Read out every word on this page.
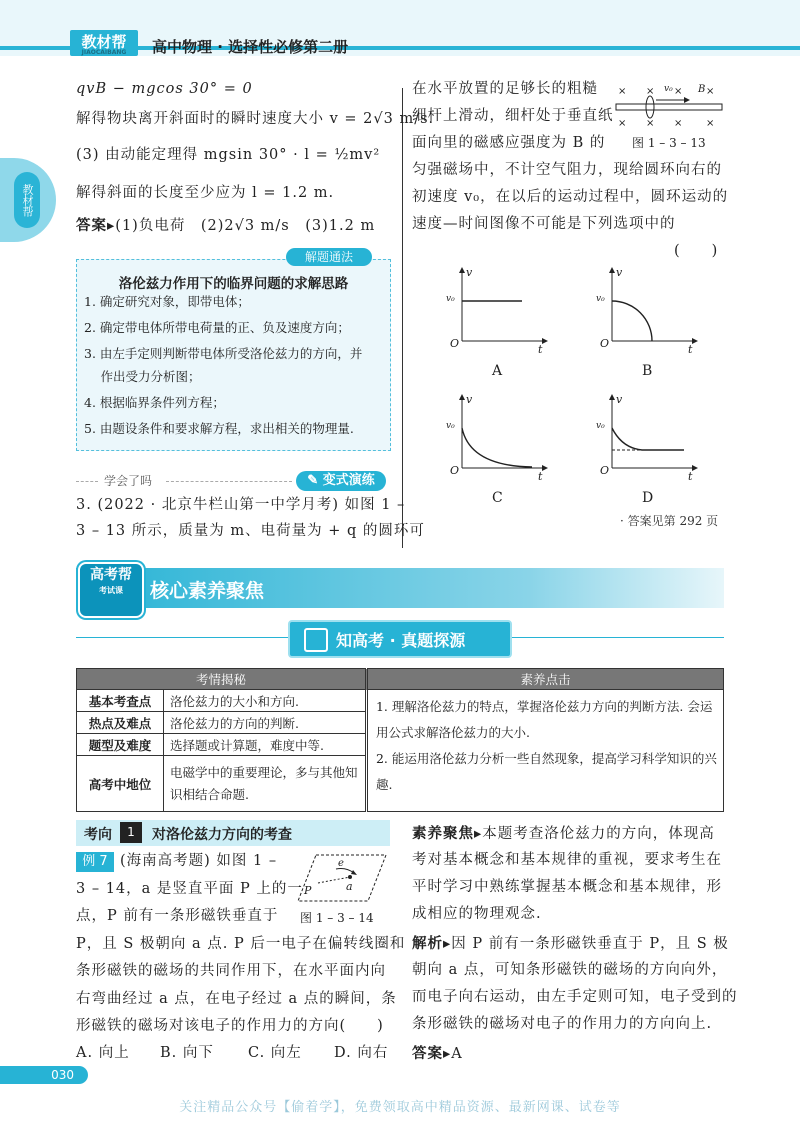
教材帮
JIAOCAIBANG	高中物理 · 选择性必修第二册
教材帮

qvB − mgcos 30° = 0

解得物块离开斜面时的瞬时速度大小 v = 2√3 m/s.

(3) 由动能定理得 mgsin 30° · l = ½mv²

解得斜面的长度至少应为 l = 1.2 m.

答案▸(1)负电荷　(2)2√3 m/s　(3)1.2 m

解题通法
洛伦兹力作用下的临界问题的求解思路
1. 确定研究对象，即带电体；
2. 确定带电体所带电荷量的正、负及速度方向；
3. 由左手定则判断带电体所受洛伦兹力的方向，并
　 作出受力分析图；
4. 根据临界条件列方程；
5. 由题设条件和要求解方程，求出相关的物理量.
学会了吗	✎ 变式演练

3. (2022 · 北京牛栏山第一中学月考) 如图 1 –

3 – 13 所示，质量为 m、电荷量为 + q 的圆环可

在水平放置的足够长的粗糙

细杆上滑动，细杆处于垂直纸

面向里的磁感应强度为 B 的

匀强磁场中，不计空气阻力，现给圆环向右的

初速度 v₀，在以后的运动过程中，圆环运动的

速度—时间图像不可能是下列选项中的

(　　)

× × × ×
× × × ×
v₀	B
图 1 – 3 – 13
v
t
O
v₀
A
v
t
O
v₀
B
v
t
O
v₀
C
v
t
O
v₀
D
· 答案见第 292 页
高考帮
考试课	核心素养聚焦
知高考 · 真题探源
考情揭秘		素养点击
基本考查点	洛伦兹力的大小和方向.	1. 理解洛伦兹力的特点，掌握洛伦兹力方向的判断方法. 会运用公式求解洛伦兹力的大小.
2. 能运用洛伦兹力分析一些自然现象，提高学习科学知识的兴趣.

热点及难点	洛伦兹力的方向的判断.	
题型及难度	选择题或计算题，难度中等.	
高考中地位	电磁学中的重要理论，多与其他知识相结合命题.	
考向	1	对洛伦兹力方向的考查
例 7 (海南高考题) 如图 1 –

3 – 14，a 是竖直平面 P 上的一

点，P 前有一条形磁铁垂直于

P，且 S 极朝向 a 点. P 后一电子在偏转线圈和

条形磁铁的磁场的共同作用下，在水平面内向

右弯曲经过 a 点，在电子经过 a 点的瞬间，条

形磁铁的磁场对该电子的作用力的方向(　　)

A. 向上 B. 向下 C. 向左 D. 向右

P	a
e
图 1 – 3 – 14

素养聚焦▸本题考查洛伦兹力的方向，体现高

考对基本概念和基本规律的重视，要求考生在

平时学习中熟练掌握基本概念和基本规律，形

成相应的物理观念.

解析▸因 P 前有一条形磁铁垂直于 P，且 S 极

朝向 a 点，可知条形磁铁的磁场的方向向外，

而电子向右运动，由左手定则可知，电子受到的

条形磁铁的磁场对电子的作用力的方向向上.

答案▸A

030
关注精品公众号【偷着学】，免费领取高中精品资源、最新网课、试卷等
